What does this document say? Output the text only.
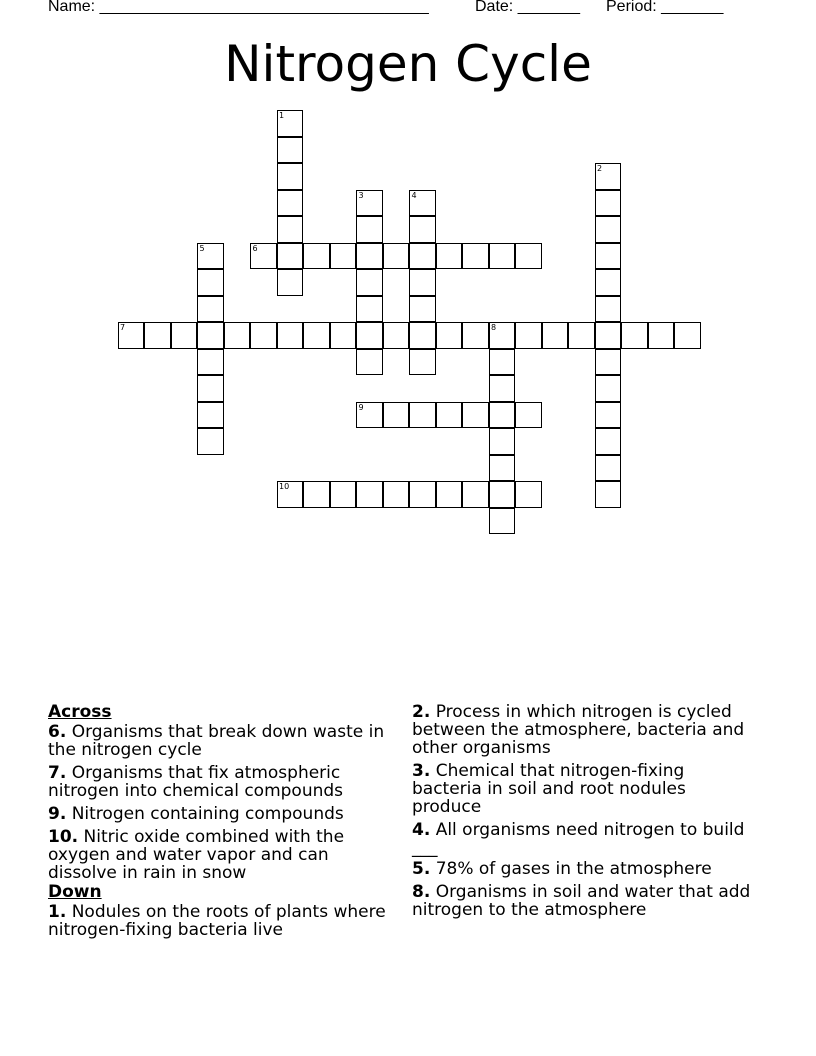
Name: _____________________________________

	Date: _______

Period: _______

Nitrogen Cycle
1
2
3	4
5	6
7	8
9
10
Across
6. Organisms that break down waste in the nitrogen cycle
7. Organisms that fix atmospheric nitrogen into chemical compounds
9. Nitrogen containing compounds
10. Nitric oxide combined with the oxygen and water vapor and can dissolve in rain in snow
Down
1. Nodules on the roots of plants where nitrogen-fixing bacteria live
2. Process in which nitrogen is cycled between the atmosphere, bacteria and other organisms
3. Chemical that nitrogen-fixing bacteria in soil and root nodules produce
4. All organisms need nitrogen to build ___
5. 78% of gases in the atmosphere
8. Organisms in soil and water that add nitrogen to the atmosphere
